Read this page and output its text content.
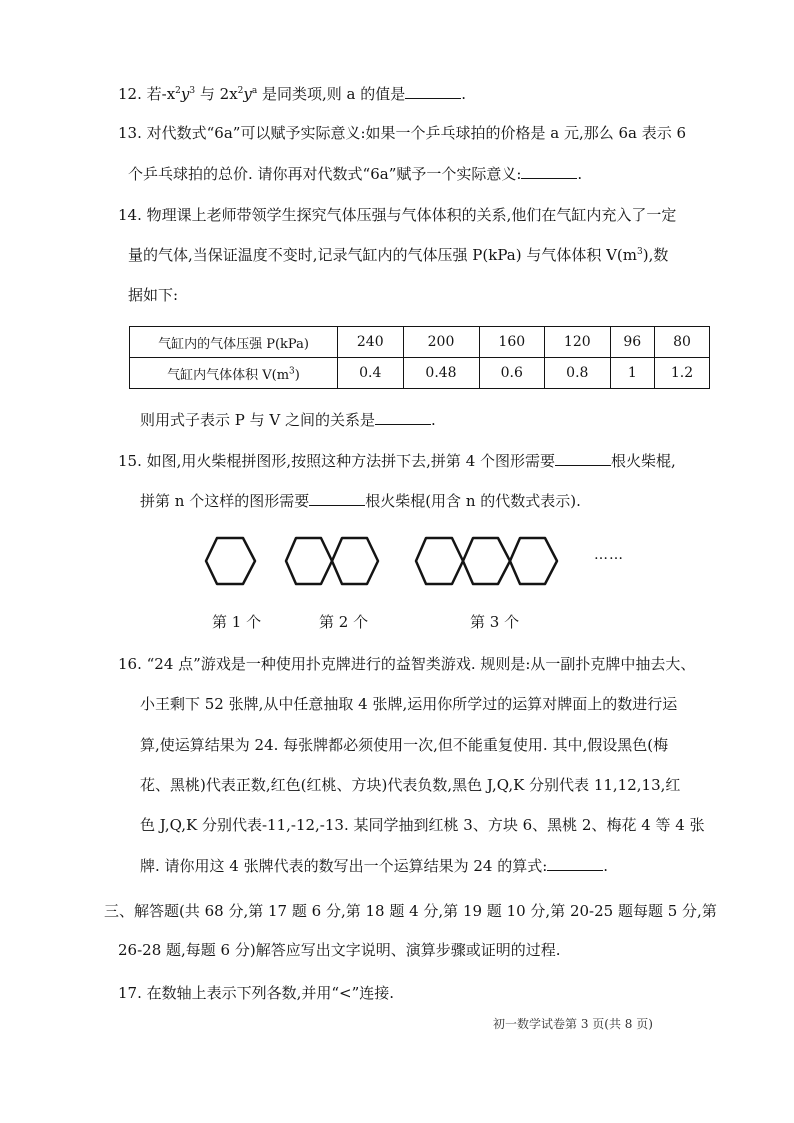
12. 若$-x^2y^3$ 与 $2x^2y^a$ 是同类项,则 a 的值是	.
13. 对代数式“6a”可以赋予实际意义:如果一个乒乓球拍的价格是 a 元,那么 6a 表示 6
个乒乓球拍的总价. 请你再对代数式“6a”赋予一个实际意义:	.
14. 物理课上老师带领学生探究气体压强与气体体积的关系,他们在气缸内充入了一定
量的气体,当保证温度不变时,记录气缸内的气体压强 P(kPa) 与气体体积 $V(m^3)$,数
据如下:
气缸内的气体压强 P(kPa)	240	200	160	120	96	80
气缸内气体体积 $V(m^3)$	0.4	0.48	0.6	0.8	1	1.2
则用式子表示 P 与 V 之间的关系是	.
15. 如图,用火柴棍拼图形,按照这种方法拼下去,拼第 4 个图形需要	根火柴棍,
拼第 n 个这样的图形需要	根火柴棍(用含 n 的代数式表示).
……
第 1 个	第 2 个	第 3 个
16. “24 点”游戏是一种使用扑克牌进行的益智类游戏. 规则是:从一副扑克牌中抽去大、
小王剩下 52 张牌,从中任意抽取 4 张牌,运用你所学过的运算对牌面上的数进行运
算,使运算结果为 24. 每张牌都必须使用一次,但不能重复使用. 其中,假设黑色(梅
花、黑桃)代表正数,红色(红桃、方块)代表负数,黑色 J,Q,K 分别代表 11,12,13,红
色 J,Q,K 分别代表-11,-12,-13. 某同学抽到红桃 3、方块 6、黑桃 2、梅花 4 等 4 张
牌. 请你用这 4 张牌代表的数写出一个运算结果为 24 的算式:	.
三、解答题(共 68 分,第 17 题 6 分,第 18 题 4 分,第 19 题 10 分,第 20-25 题每题 5 分,第
26-28 题,每题 6 分)解答应写出文字说明、演算步骤或证明的过程.
17. 在数轴上表示下列各数,并用“<”连接.
初一数学试卷第 3 页(共 8 页)
